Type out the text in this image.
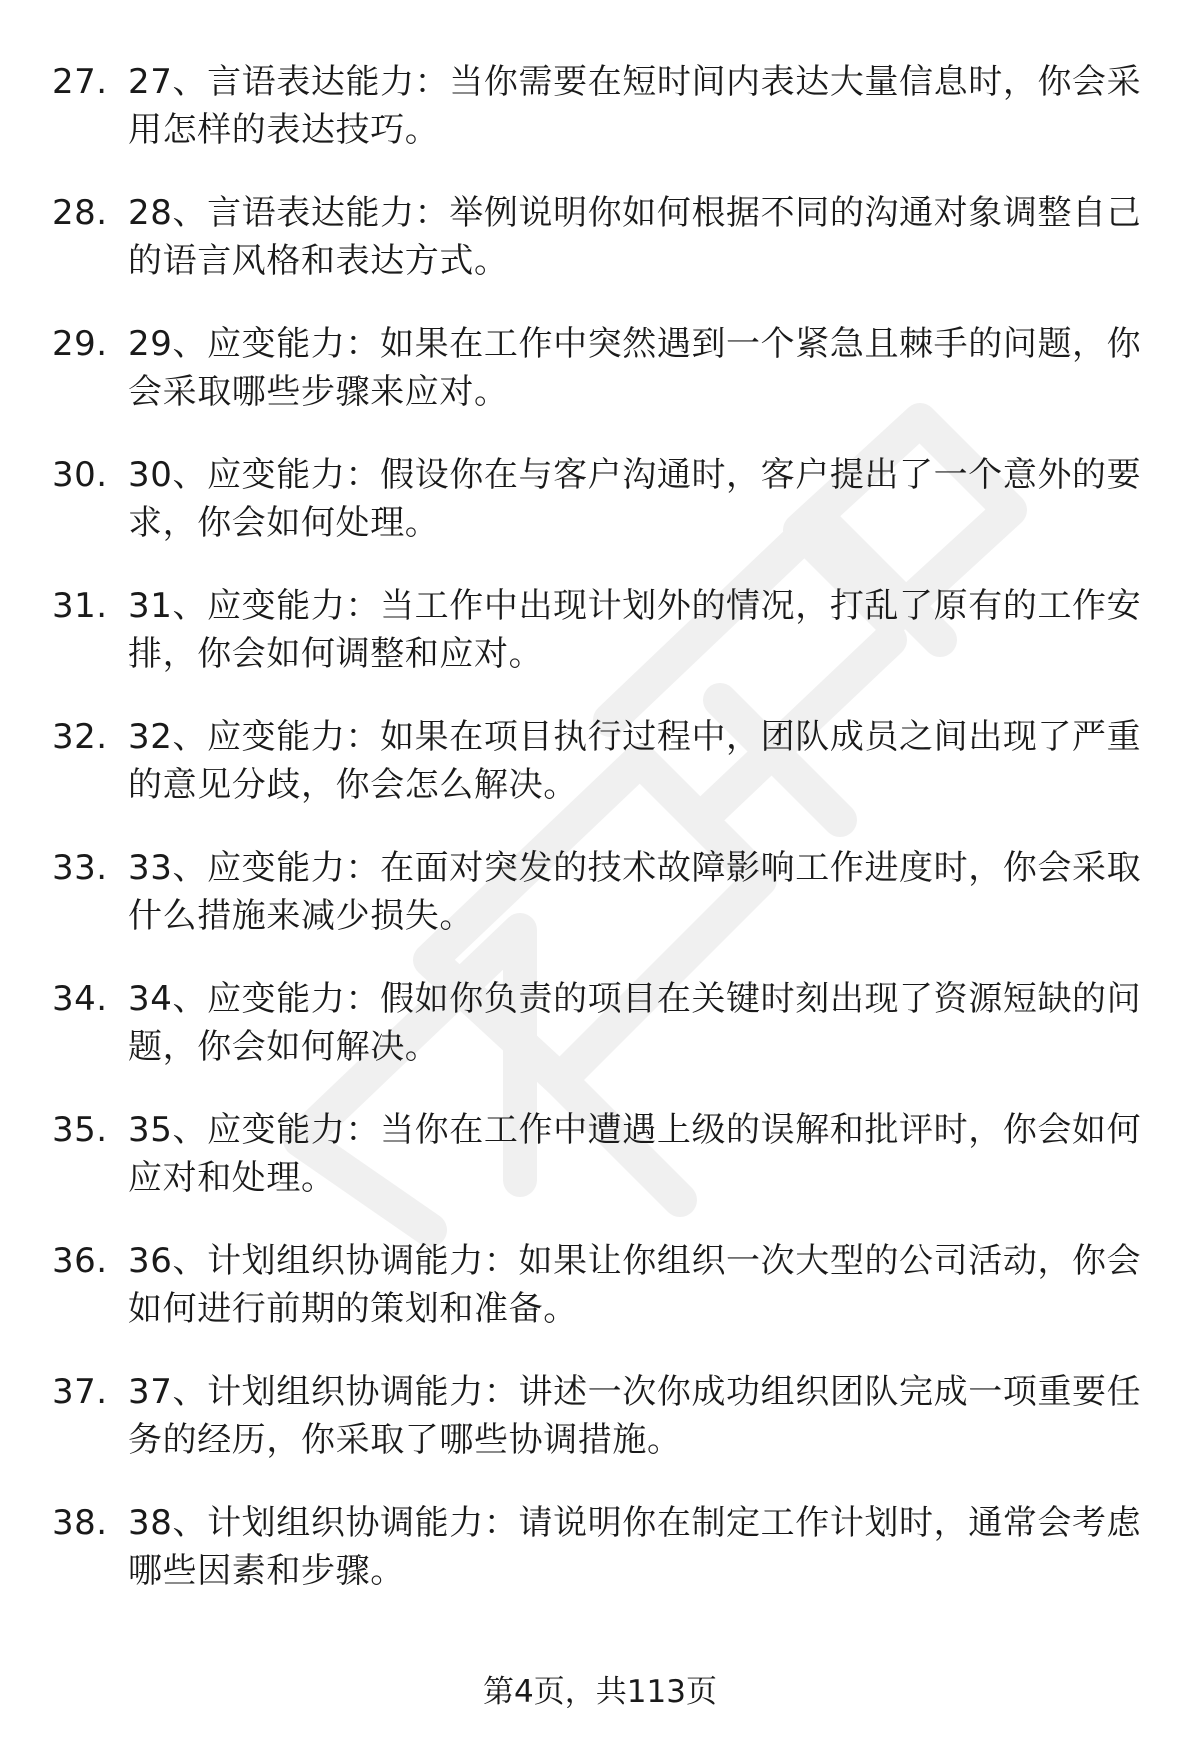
27. 27、言语表达能力：当你需要在短时间内表达大量信息时，你会采用怎样的表达技巧。
28. 28、言语表达能力：举例说明你如何根据不同的沟通对象调整自己的语言风格和表达方式。
29. 29、应变能力：如果在工作中突然遇到一个紧急且棘手的问题，你会采取哪些步骤来应对。
30. 30、应变能力：假设你在与客户沟通时，客户提出了一个意外的要求，你会如何处理。
31. 31、应变能力：当工作中出现计划外的情况，打乱了原有的工作安排，你会如何调整和应对。
32. 32、应变能力：如果在项目执行过程中，团队成员之间出现了严重的意见分歧，你会怎么解决。
33. 33、应变能力：在面对突发的技术故障影响工作进度时，你会采取什么措施来减少损失。
34. 34、应变能力：假如你负责的项目在关键时刻出现了资源短缺的问题，你会如何解决。
35. 35、应变能力：当你在工作中遭遇上级的误解和批评时，你会如何应对和处理。
36. 36、计划组织协调能力：如果让你组织一次大型的公司活动，你会如何进行前期的策划和准备。
37. 37、计划组织协调能力：讲述一次你成功组织团队完成一项重要任务的经历，你采取了哪些协调措施。
38. 38、计划组织协调能力：请说明你在制定工作计划时，通常会考虑哪些因素和步骤。
第4页，共113页
